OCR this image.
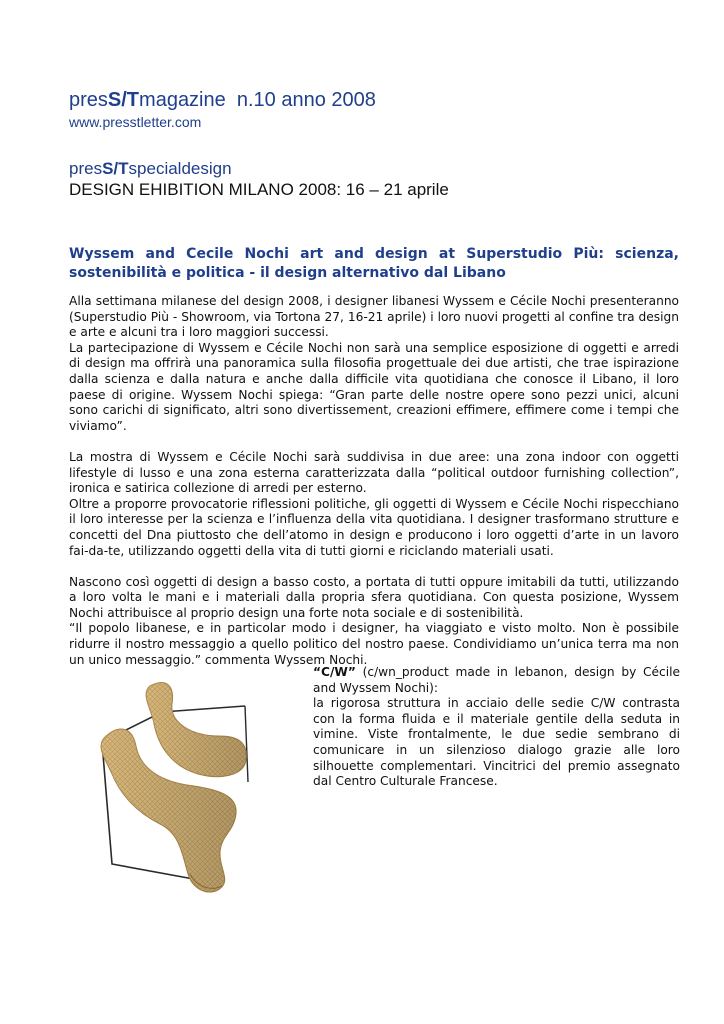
presS/Tmagazine  n.10 anno 2008
www.presstletter.com
presS/Tspecialdesign
DESIGN EHIBITION MILANO 2008: 16 – 21 aprile
Wyssem and Cecile Nochi art and design at Superstudio Più: scienza, sostenibilità e politica - il design alternativo dal Libano

Alla settimana milanese del design 2008, i designer libanesi Wyssem e Cécile Nochi presenteranno (Superstudio Più - Showroom, via Tortona 27, 16-21 aprile) i loro nuovi progetti al confine tra design e arte e alcuni tra i loro maggiori successi.

La partecipazione di Wyssem e Cécile Nochi non sarà una semplice esposizione di oggetti e arredi di design ma offrirà una panoramica sulla filosofia progettuale dei due artisti, che trae ispirazione dalla scienza e dalla natura e anche dalla difficile vita quotidiana che conosce il Libano, il loro paese di origine. Wyssem Nochi spiega: “Gran parte delle nostre opere sono pezzi unici, alcuni sono carichi di significato, altri sono divertissement, creazioni effimere, effimere come i tempi che viviamo”.

La mostra di Wyssem e Cécile Nochi sarà suddivisa in due aree: una zona indoor con oggetti lifestyle di lusso e una zona esterna caratterizzata dalla “political outdoor furnishing collection”, ironica e satirica collezione di arredi per esterno.

Oltre a proporre provocatorie riflessioni politiche, gli oggetti di Wyssem e Cécile Nochi rispecchiano il loro interesse per la scienza e l’influenza della vita quotidiana. I designer trasformano strutture e concetti del Dna piuttosto che dell’atomo in design e producono i loro oggetti d’arte in un lavoro fai-da-te, utilizzando oggetti della vita di tutti giorni e riciclando materiali usati.

Nascono così oggetti di design a basso costo, a portata di tutti oppure imitabili da tutti, utilizzando a loro volta le mani e i materiali dalla propria sfera quotidiana. Con questa posizione, Wyssem Nochi attribuisce al proprio design una forte nota sociale e di sostenibilità.

“Il popolo libanese, e in particolar modo i designer, ha viaggiato e visto molto. Non è possibile ridurre il nostro messaggio a quello politico del nostro paese. Condividiamo un’unica terra ma non un unico messaggio.” commenta Wyssem Nochi.

“C/W” (c/wn_product made in lebanon, design by Cécile and Wyssem Nochi):

la rigorosa struttura in acciaio delle sedie C/W contrasta con la forma fluida e il materiale gentile della seduta in vimine. Viste frontalmente, le due sedie sembrano di comunicare in un silenzioso dialogo grazie alle loro silhouette complementari. Vincitrici del premio assegnato dal Centro Culturale Francese.
